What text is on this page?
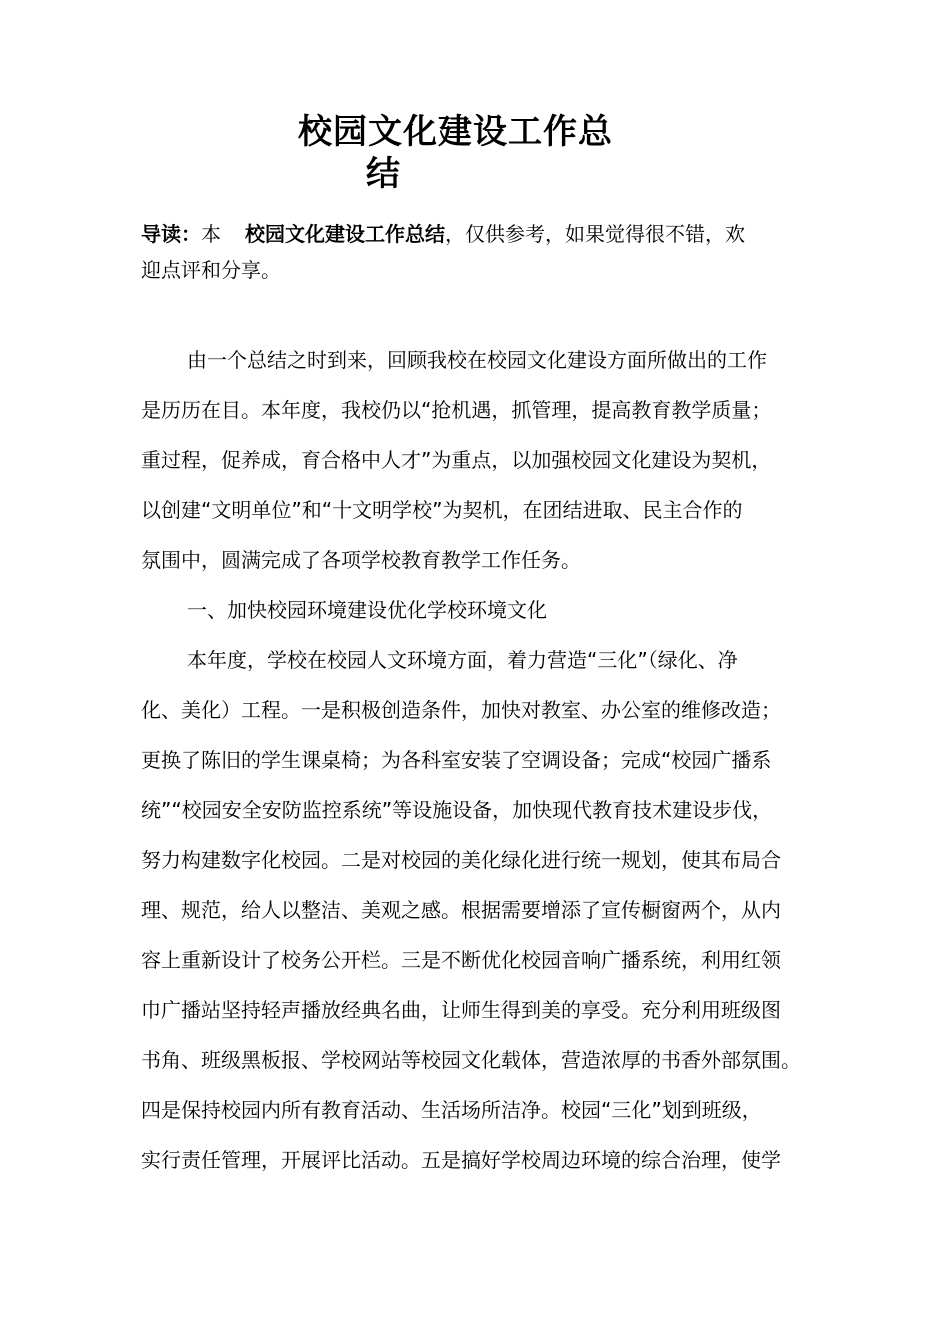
校园文化建设工作总
结
导读：本 校园文化建设工作总结，仅供参考，如果觉得很不错，欢
迎点评和分享。
由一个总结之时到来，回顾我校在校园文化建设方面所做出的工作
是历历在目。本年度，我校仍以“抢机遇，抓管理，提高教育教学质量；
重过程，促养成，育合格中人才”为重点，以加强校园文化建设为契机，
以创建“文明单位”和“十文明学校”为契机，在团结进取、民主合作的
氛围中，圆满完成了各项学校教育教学工作任务。
一、加快校园环境建设优化学校环境文化
本年度，学校在校园人文环境方面，着力营造“三化”（绿化、净
化、美化）工程。一是积极创造条件，加快对教室、办公室的维修改造；
更换了陈旧的学生课桌椅；为各科室安装了空调设备；完成“校园广播系
统”“校园安全安防监控系统”等设施设备，加快现代教育技术建设步伐，
努力构建数字化校园。二是对校园的美化绿化进行统一规划，使其布局合
理、规范，给人以整洁、美观之感。根据需要增添了宣传橱窗两个，从内
容上重新设计了校务公开栏。三是不断优化校园音响广播系统，利用红领
巾广播站坚持轻声播放经典名曲，让师生得到美的享受。充分利用班级图
书角、班级黑板报、学校网站等校园文化载体，营造浓厚的书香外部氛围。
四是保持校园内所有教育活动、生活场所洁净。校园“三化”划到班级，
实行责任管理，开展评比活动。五是搞好学校周边环境的综合治理，使学
